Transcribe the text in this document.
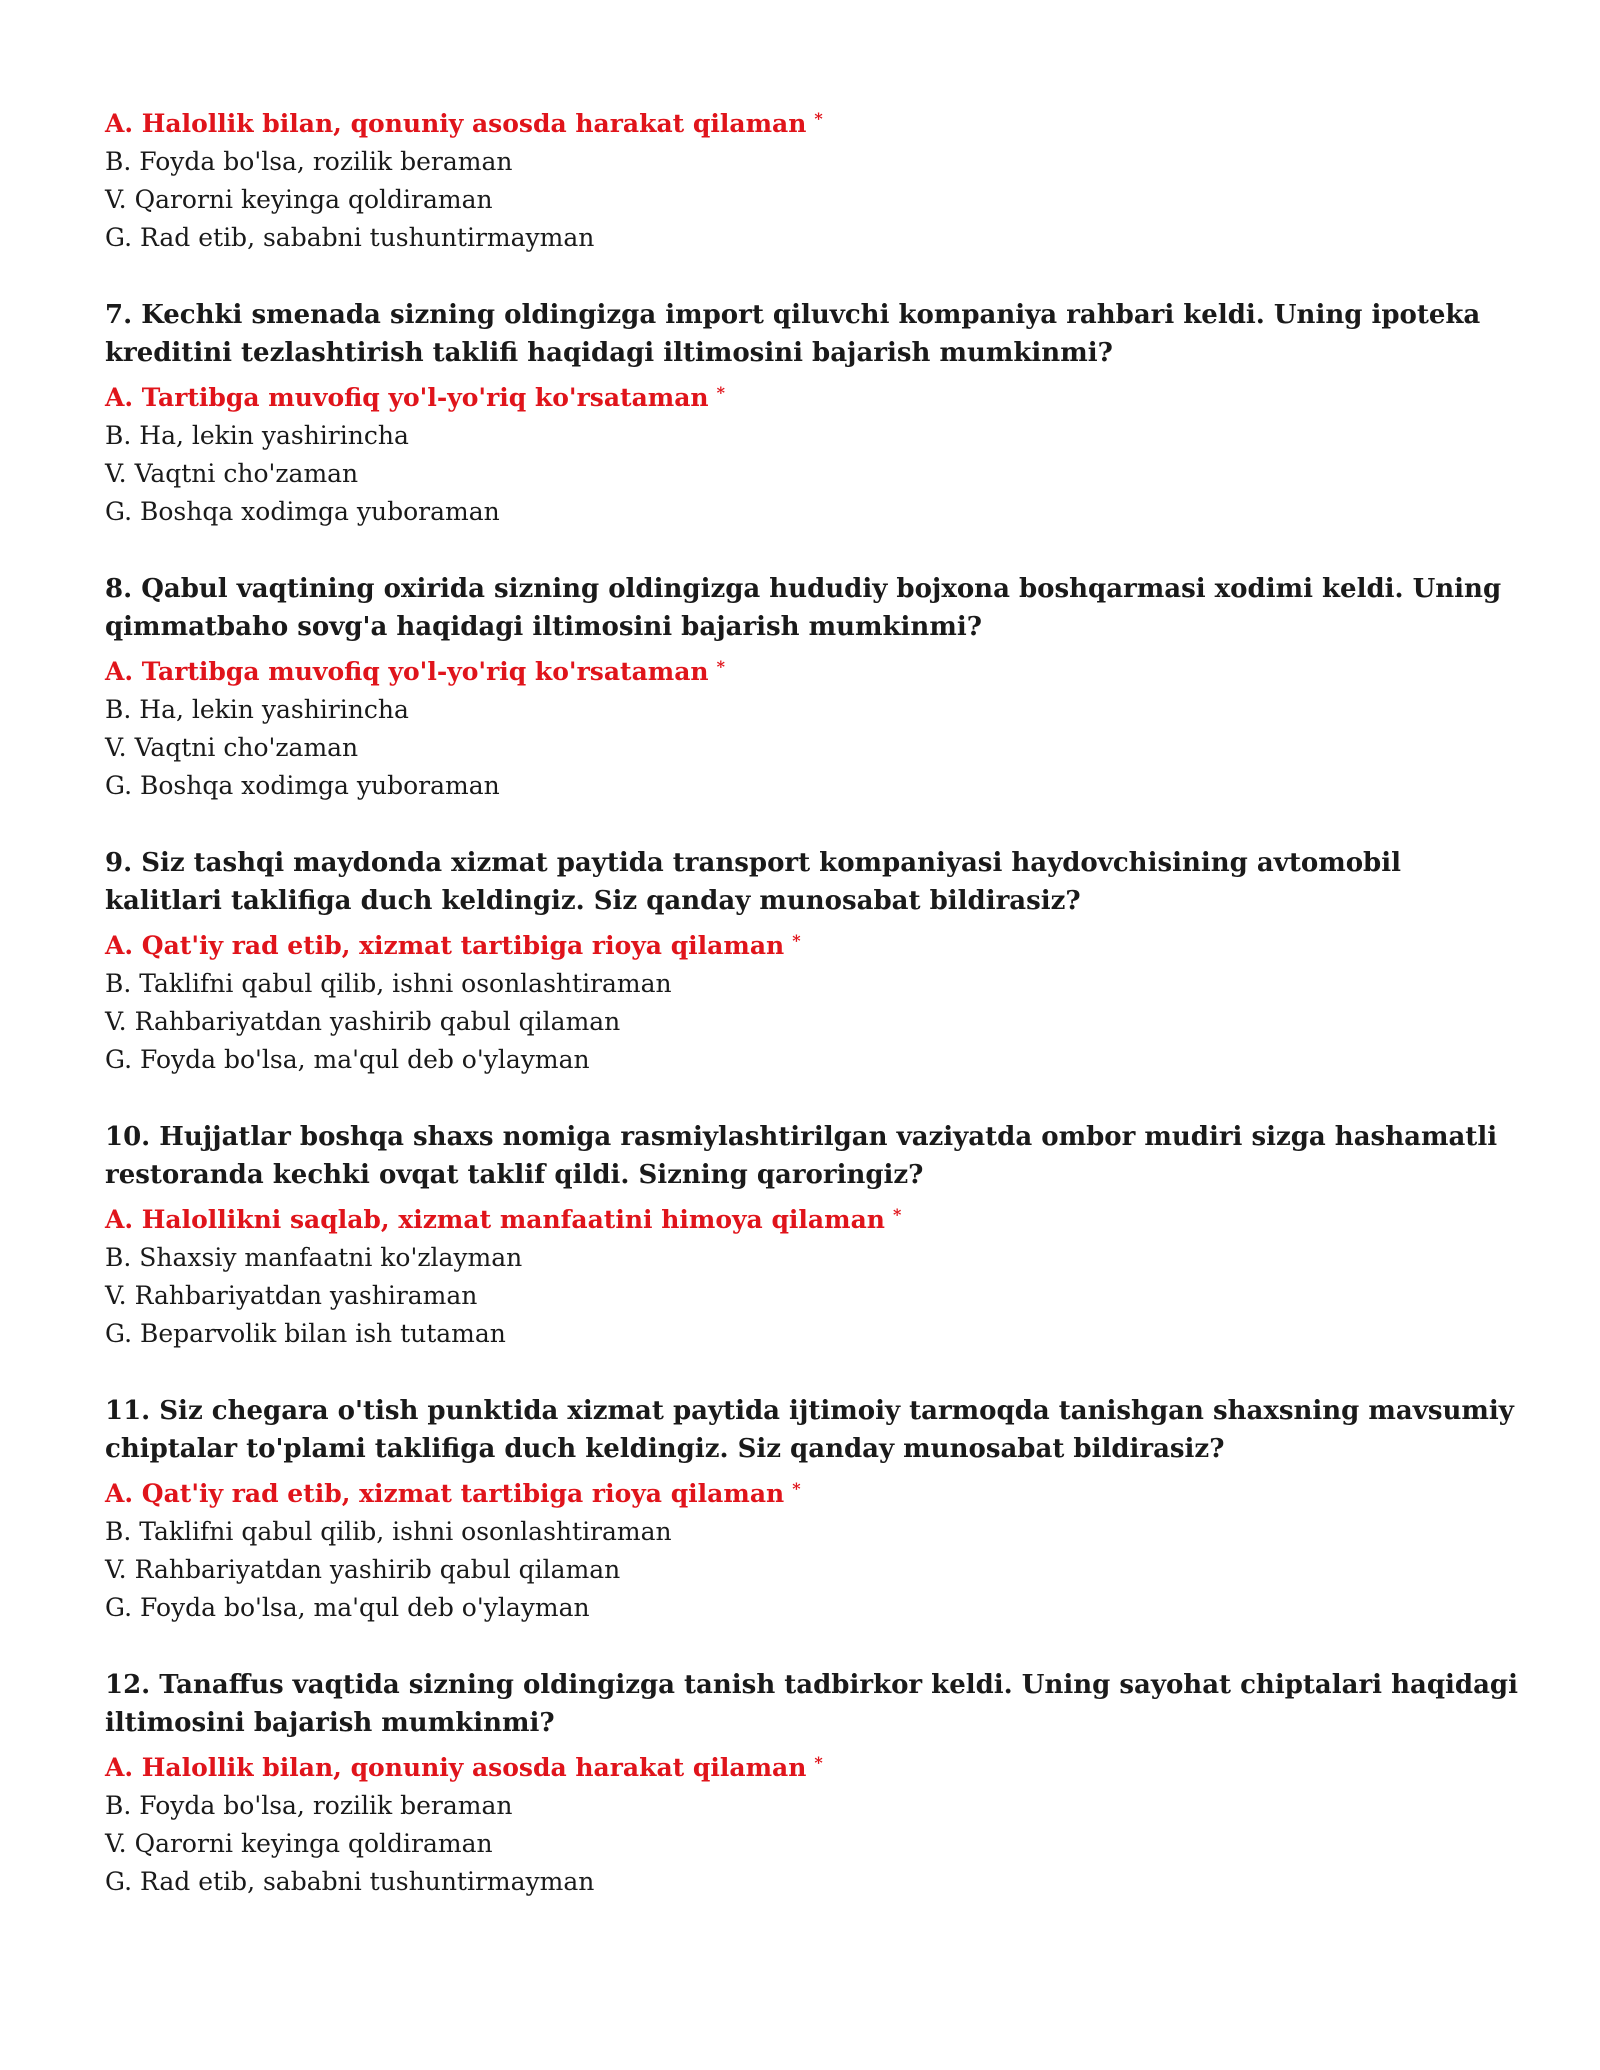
A. Halollik bilan, qonuniy asosda harakat qilaman *

B. Foyda bo'lsa, rozilik beraman

V. Qarorni keyinga qoldiraman

G. Rad etib, sababni tushuntirmayman

7. Kechki smenada sizning oldingizga import qiluvchi kompaniya rahbari keldi. Uning ipoteka kreditini tezlashtirish taklifi haqidagi iltimosini bajarish mumkinmi?

A. Tartibga muvofiq yo'l-yo'riq ko'rsataman *

B. Ha, lekin yashirincha

V. Vaqtni cho'zaman

G. Boshqa xodimga yuboraman

8. Qabul vaqtining oxirida sizning oldingizga hududiy bojxona boshqarmasi xodimi keldi. Uning qimmatbaho sovg'a haqidagi iltimosini bajarish mumkinmi?

A. Tartibga muvofiq yo'l-yo'riq ko'rsataman *

B. Ha, lekin yashirincha

V. Vaqtni cho'zaman

G. Boshqa xodimga yuboraman

9. Siz tashqi maydonda xizmat paytida transport kompaniyasi haydovchisining avtomobil kalitlari taklifiga duch keldingiz. Siz qanday munosabat bildirasiz?

A. Qat'iy rad etib, xizmat tartibiga rioya qilaman *

B. Taklifni qabul qilib, ishni osonlashtiraman

V. Rahbariyatdan yashirib qabul qilaman

G. Foyda bo'lsa, ma'qul deb o'ylayman

10. Hujjatlar boshqa shaxs nomiga rasmiylashtirilgan vaziyatda ombor mudiri sizga hashamatli restoranda kechki ovqat taklif qildi. Sizning qaroringiz?

A. Halollikni saqlab, xizmat manfaatini himoya qilaman *

B. Shaxsiy manfaatni ko'zlayman

V. Rahbariyatdan yashiraman

G. Beparvolik bilan ish tutaman

11. Siz chegara o'tish punktida xizmat paytida ijtimoiy tarmoqda tanishgan shaxsning mavsumiy chiptalar to'plami taklifiga duch keldingiz. Siz qanday munosabat bildirasiz?

A. Qat'iy rad etib, xizmat tartibiga rioya qilaman *

B. Taklifni qabul qilib, ishni osonlashtiraman

V. Rahbariyatdan yashirib qabul qilaman

G. Foyda bo'lsa, ma'qul deb o'ylayman

12. Tanaffus vaqtida sizning oldingizga tanish tadbirkor keldi. Uning sayohat chiptalari haqidagi iltimosini bajarish mumkinmi?

A. Halollik bilan, qonuniy asosda harakat qilaman *

B. Foyda bo'lsa, rozilik beraman

V. Qarorni keyinga qoldiraman

G. Rad etib, sababni tushuntirmayman
